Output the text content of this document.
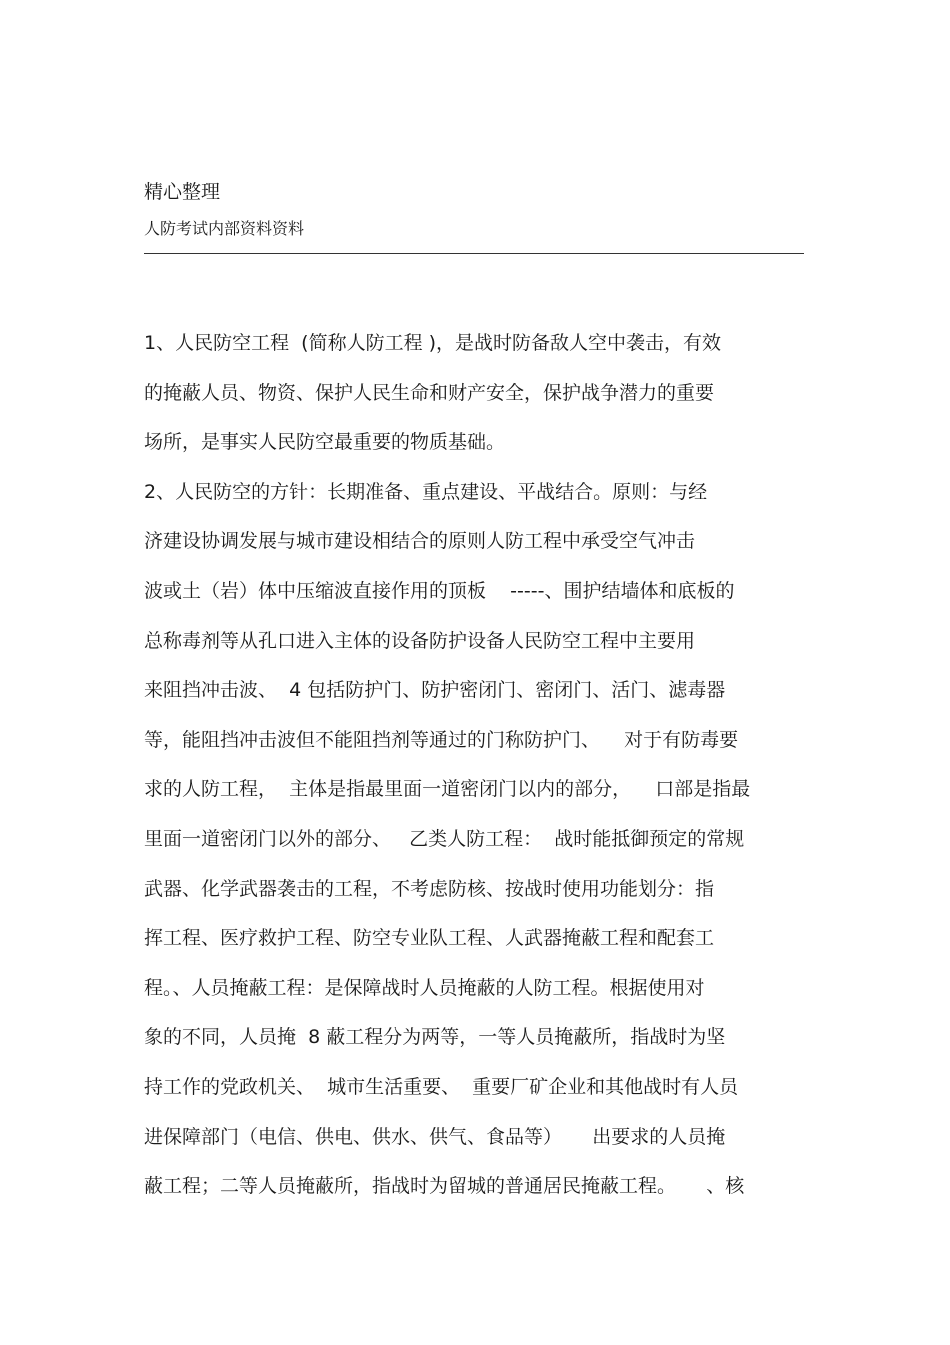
精心整理
人防考试内部资料资料
1、人民防空工程  (简称人防工程 )，是战时防备敌人空中袭击，有效
的掩蔽人员、物资、保护人民生命和财产安全，保护战争潜力的重要
场所，是事实人民防空最重要的物质基础。
2、人民防空的方针：长期准备、重点建设、平战结合。原则：与经
济建设协调发展与城市建设相结合的原则人防工程中承受空气冲击
波或土（岩）体中压缩波直接作用的顶板    -----、围护结墙体和底板的
总称毒剂等从孔口进入主体的设备防护设备人民防空工程中主要用
来阻挡冲击波、  4 包括防护门、防护密闭门、密闭门、活门、滤毒器
等，能阻挡冲击波但不能阻挡剂等通过的门称防护门、    对于有防毒要
求的人防工程，  主体是指最里面一道密闭门以内的部分，    口部是指最
里面一道密闭门以外的部分、   乙类人防工程：  战时能抵御预定的常规
武器、化学武器袭击的工程，不考虑防核、按战时使用功能划分：指
挥工程、医疗救护工程、防空专业队工程、人武器掩蔽工程和配套工
程。、人员掩蔽工程：是保障战时人员掩蔽的人防工程。根据使用对
象的不同，人员掩  8 蔽工程分为两等，一等人员掩蔽所，指战时为坚
持工作的党政机关、  城市生活重要、  重要厂矿企业和其他战时有人员
进保障部门（电信、供电、供水、供气、食品等）     出要求的人员掩
蔽工程；二等人员掩蔽所，指战时为留城的普通居民掩蔽工程。     、核
